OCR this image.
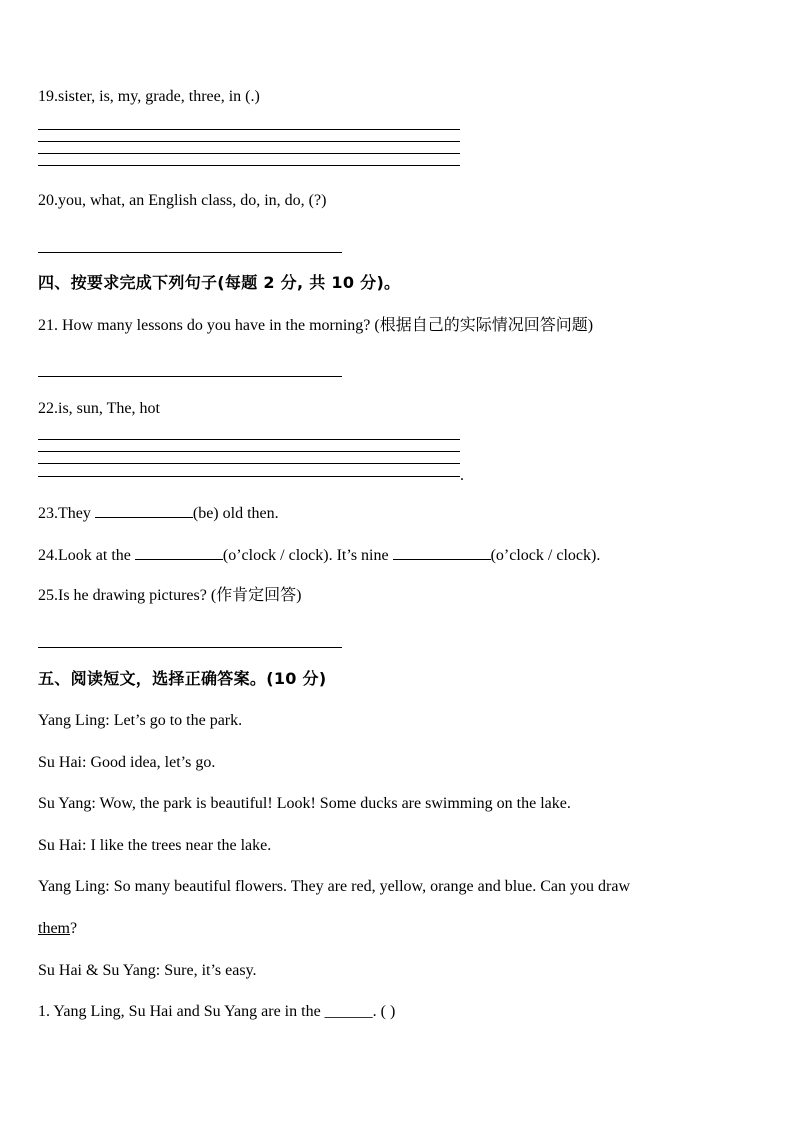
19.sister, is, my, grade, three, in (.)
20.you, what, an English class, do, in, do, (?)
四、按要求完成下列句子(每题 2 分, 共 10 分)。
21. How many lessons do you have in the morning? (根据自己的实际情况回答问题)
22.is, sun, The, hot
.
23.They	(be) old then.
24.Look at the	(o’clock / clock). It’s nine	(o’clock / clock).
25.Is he drawing pictures? (作肯定回答)
五、阅读短文，选择正确答案。(10 分)
Yang Ling: Let’s go to the park.
Su Hai: Good idea, let’s go.
Su Yang: Wow, the park is beautiful! Look! Some ducks are swimming on the lake.
Su Hai: I like the trees near the lake.
Yang Ling: So many beautiful flowers. They are red, yellow, orange and blue. Can you draw
them?
Su Hai & Su Yang: Sure, it’s easy.
1. Yang Ling, Su Hai and Su Yang are in the ______. ( )
